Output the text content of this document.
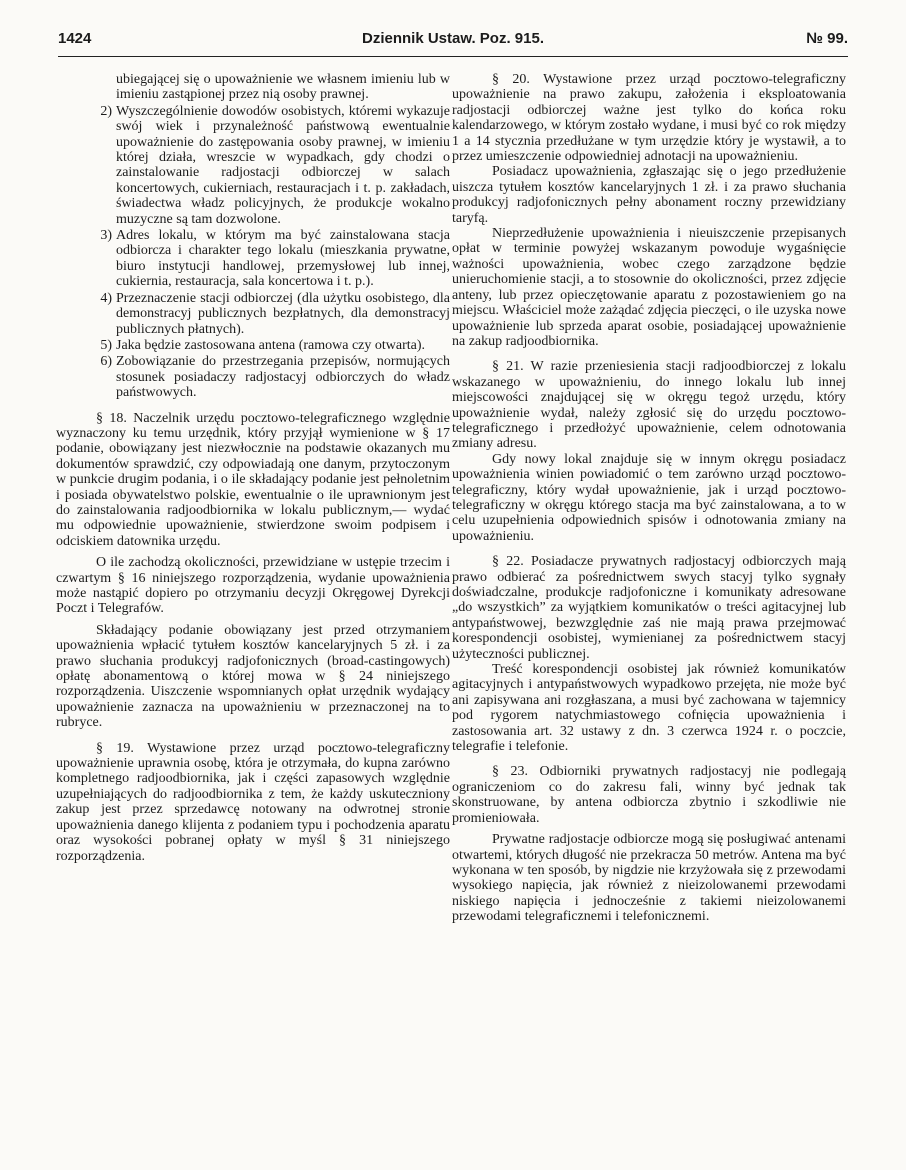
1424	Dziennik Ustaw. Poz. 915.	№ 99.

ubiegającej się o upoważnienie we własnem imieniu lub w imieniu zastąpionej przez nią osoby prawnej.

2) Wyszczególnienie dowodów osobistych, któremi wykazuje swój wiek i przynależność państwową ewentualnie upoważnienie do zastępowania osoby prawnej, w imieniu której działa, wreszcie w wypadkach, gdy chodzi o zainstalowanie radjostacji odbiorczej w salach koncertowych, cukierniach, restauracjach i t. p. zakładach, świadectwa władz policyjnych, że produkcje wokalno muzyczne są tam dozwolone.
3) Adres lokalu, w którym ma być zainstalowana stacja odbiorcza i charakter tego lokalu (mieszkania prywatne, biuro instytucji handlowej, przemysłowej lub innej, cukiernia, restauracja, sala koncertowa i t. p.).
4) Przeznaczenie stacji odbiorczej (dla użytku osobistego, dla demonstracyj publicznych bezpłatnych, dla demonstracyj publicznych płatnych).
5) Jaka będzie zastosowana antena (ramowa czy otwarta).
6) Zobowiązanie do przestrzegania przepisów, normujących stosunek posiadaczy radjostacyj odbiorczych do władz państwowych.

§ 18. Naczelnik urzędu pocztowo-telegraficznego względnie wyznaczony ku temu urzędnik, który przyjął wymienione w § 17 podanie, obowiązany jest niezwłocznie na podstawie okazanych mu dokumentów sprawdzić, czy odpowiadają one danym, przytoczonym w punkcie drugim podania, i o ile składający podanie jest pełnoletnim i posiada obywatelstwo polskie, ewentualnie o ile uprawnionym jest do zainstalowania radjoodbiornika w lokalu publicznym,— wydać mu odpowiednie upoważnienie, stwierdzone swoim podpisem i odciskiem datownika urzędu.

O ile zachodzą okoliczności, przewidziane w ustępie trzecim i czwartym § 16 niniejszego rozporządzenia, wydanie upoważnienia może nastąpić dopiero po otrzymaniu decyzji Okręgowej Dyrekcji Poczt i Telegrafów.

Składający podanie obowiązany jest przed otrzymaniem upoważnienia wpłacić tytułem kosztów kancelaryjnych 5 zł. i za prawo słuchania produkcyj radjofonicznych (broad-castingowych) opłatę abonamentową o której mowa w § 24 niniejszego rozporządzenia. Uiszczenie wspomnianych opłat urzędnik wydający upoważnienie zaznacza na upoważnieniu w przeznaczonej na to rubryce.

§ 19. Wystawione przez urząd pocztowo-telegraficzny upoważnienie uprawnia osobę, która je otrzymała, do kupna zarówno kompletnego radjoodbiornika, jak i części zapasowych względnie uzupełniających do radjoodbiornika z tem, że każdy uskuteczniony zakup jest przez sprzedawcę notowany na odwrotnej stronie upoważnienia danego klijenta z podaniem typu i pochodzenia aparatu oraz wysokości pobranej opłaty w myśl § 31 niniejszego rozporządzenia.

§ 20. Wystawione przez urząd pocztowo-telegraficzny upoważnienie na prawo zakupu, założenia i eksploatowania radjostacji odbiorczej ważne jest tylko do końca roku kalendarzowego, w którym zostało wydane, i musi być co rok między 1 a 14 stycznia przedłużane w tym urzędzie który je wystawił, a to przez umieszczenie odpowiedniej adnotacji na upoważnieniu.

Posiadacz upoważnienia, zgłaszając się o jego przedłużenie uiszcza tytułem kosztów kancelaryjnych 1 zł. i za prawo słuchania produkcyj radjofonicznych pełny abonament roczny przewidziany taryfą.

Nieprzedłużenie upoważnienia i nieuiszczenie przepisanych opłat w terminie powyżej wskazanym powoduje wygaśnięcie ważności upoważnienia, wobec czego zarządzone będzie unieruchomienie stacji, a to stosownie do okoliczności, przez zdjęcie anteny, lub przez opieczętowanie aparatu z pozostawieniem go na miejscu. Właściciel może zażądać zdjęcia pieczęci, o ile uzyska nowe upoważnienie lub sprzeda aparat osobie, posiadającej upoważnienie na zakup radjoodbiornika.

§ 21. W razie przeniesienia stacji radjoodbiorczej z lokalu wskazanego w upoważnieniu, do innego lokalu lub innej miejscowości znajdującej się w okręgu tegoż urzędu, który upoważnienie wydał, należy zgłosić się do urzędu pocztowo-telegraficznego i przedłożyć upoważnienie, celem odnotowania zmiany adresu.

Gdy nowy lokal znajduje się w innym okręgu posiadacz upoważnienia winien powiadomić o tem zarówno urząd pocztowo-telegraficzny, który wydał upoważnienie, jak i urząd pocztowo-telegraficzny w okręgu którego stacja ma być zainstalowana, a to w celu uzupełnienia odpowiednich spisów i odnotowania zmiany na upoważnieniu.

§ 22. Posiadacze prywatnych radjostacyj odbiorczych mają prawo odbierać za pośrednictwem swych stacyj tylko sygnały doświadczalne, produkcje radjofoniczne i komunikaty adresowane „do wszystkich” za wyjątkiem komunikatów o treści agitacyjnej lub antypaństwowej, bezwzględnie zaś nie mają prawa przejmować korespondencji osobistej, wymienianej za pośrednictwem stacyj użyteczności publicznej.

Treść korespondencji osobistej jak również komunikatów agitacyjnych i antypaństwowych wypadkowo przejęta, nie może być ani zapisywana ani rozgłaszana, a musi być zachowana w tajemnicy pod rygorem natychmiastowego cofnięcia upoważnienia i zastosowania art. 32 ustawy z dn. 3 czerwca 1924 r. o poczcie, telegrafie i telefonie.

§ 23. Odbiorniki prywatnych radjostacyj nie podlegają ograniczeniom co do zakresu fali, winny być jednak tak skonstruowane, by antena odbiorcza zbytnio i szkodliwie nie promieniowała.

Prywatne radjostacje odbiorcze mogą się posługiwać antenami otwartemi, których długość nie przekracza 50 metrów. Antena ma być wykonana w ten sposób, by nigdzie nie krzyżowała się z przewodami wysokiego napięcia, jak również z nieizolowanemi przewodami niskiego napięcia i jednocześnie z takiemi nieizolowanemi przewodami telegraficznemi i telefonicznemi.
